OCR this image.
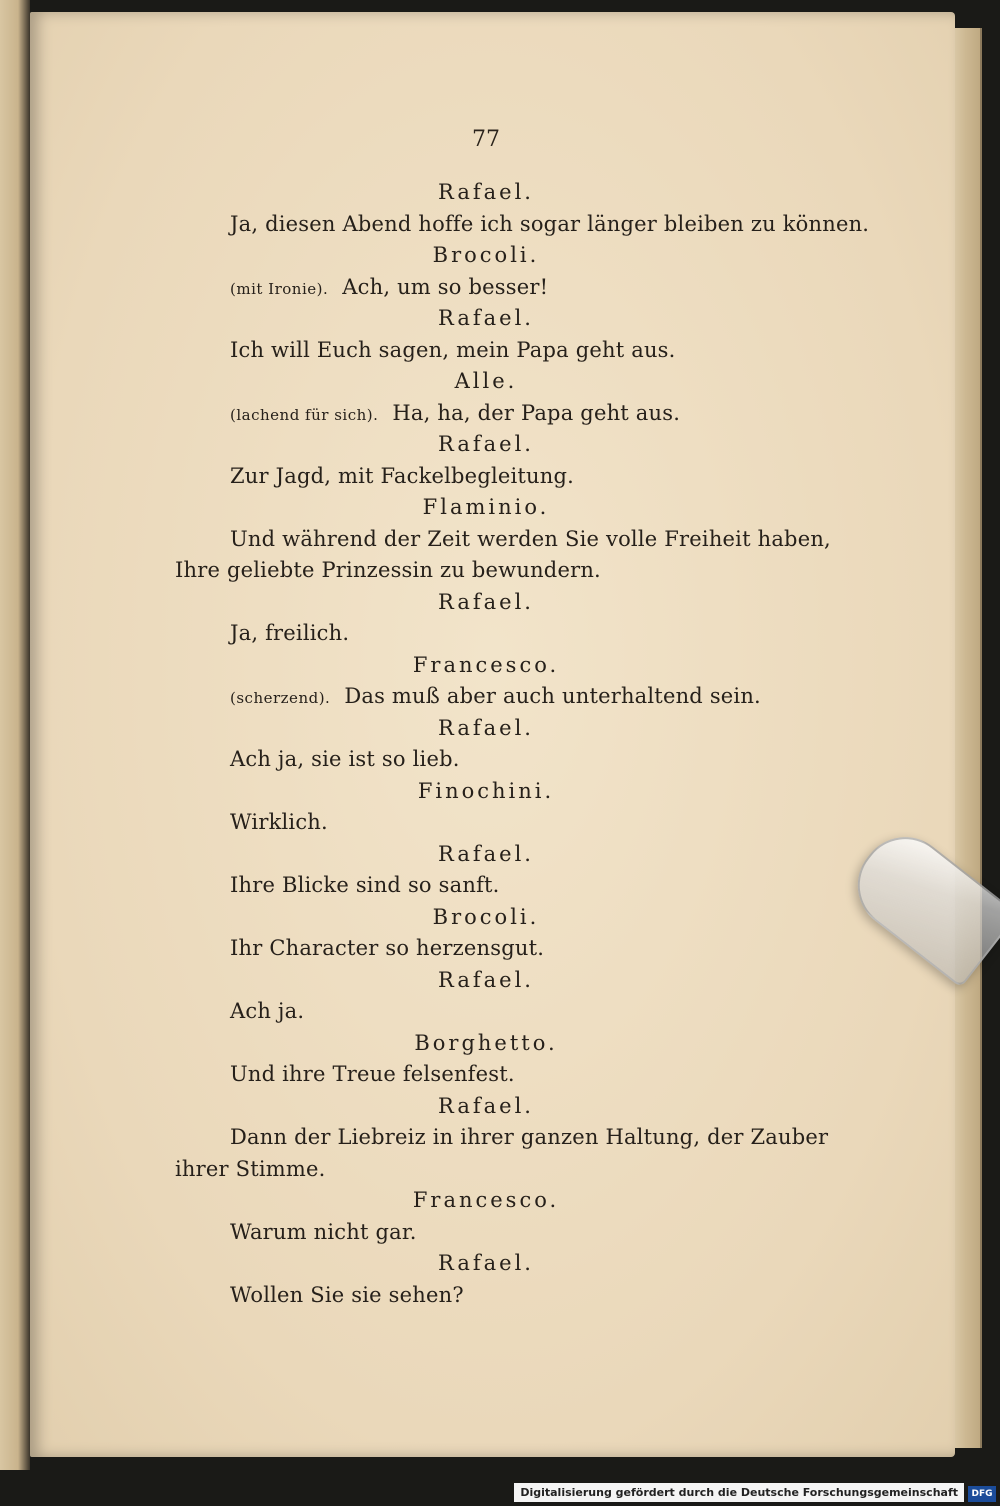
77
Rafael.
Ja, diesen Abend hoffe ich sogar länger bleiben zu können.
Brocoli.
(mit Ironie). Ach, um so besser!
Rafael.
Ich will Euch sagen, mein Papa geht aus.
Alle.
(lachend für sich). Ha, ha, der Papa geht aus.
Rafael.
Zur Jagd, mit Fackelbegleitung.
Flaminio.
Und während der Zeit werden Sie volle Freiheit haben,
Ihre geliebte Prinzessin zu bewundern.
Rafael.
Ja, freilich.
Francesco.
(scherzend). Das muß aber auch unterhaltend sein.
Rafael.
Ach ja, sie ist so lieb.
Finochini.
Wirklich.
Rafael.
Ihre Blicke sind so sanft.
Brocoli.
Ihr Character so herzensgut.
Rafael.
Ach ja.
Borghetto.
Und ihre Treue felsenfest.
Rafael.
Dann der Liebreiz in ihrer ganzen Haltung, der Zauber
ihrer Stimme.
Francesco.
Warum nicht gar.
Rafael.
Wollen Sie sie sehen?
Digitalisierung gefördert durch die Deutsche Forschungsgemeinschaft	DFG
